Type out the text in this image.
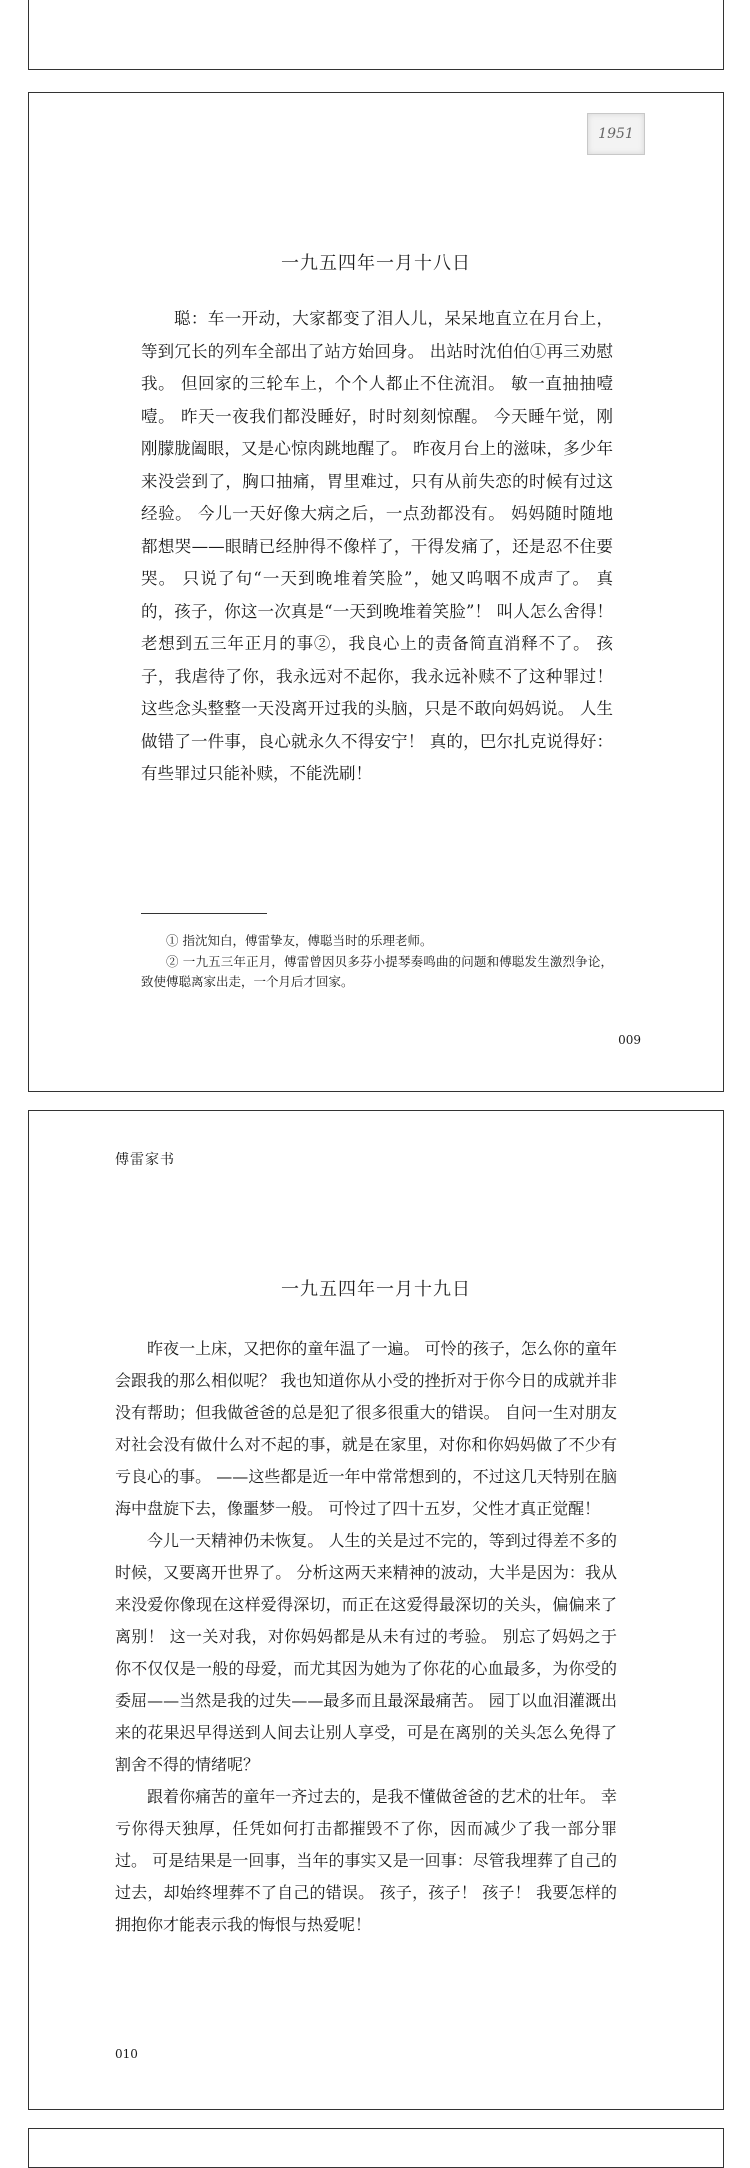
1951
一九五四年一月十八日

聪：车一开动，大家都变了泪人儿，呆呆地直立在月台上，等到冗长的列车全部出了站方始回身。 出站时沈伯伯①再三劝慰我。 但回家的三轮车上，个个人都止不住流泪。 敏一直抽抽噎噎。 昨天一夜我们都没睡好，时时刻刻惊醒。 今天睡午觉，刚刚朦胧阖眼，又是心惊肉跳地醒了。 昨夜月台上的滋味，多少年来没尝到了，胸口抽痛，胃里难过，只有从前失恋的时候有过这经验。 今儿一天好像大病之后，一点劲都没有。 妈妈随时随地都想哭——眼睛已经肿得不像样了，干得发痛了，还是忍不住要哭。 只说了句“一天到晚堆着笑脸”，她又呜咽不成声了。 真的，孩子，你这一次真是“一天到晚堆着笑脸”！ 叫人怎么舍得！ 老想到五三年正月的事②，我良心上的责备简直消释不了。 孩子，我虐待了你，我永远对不起你，我永远补赎不了这种罪过！ 这些念头整整一天没离开过我的头脑，只是不敢向妈妈说。 人生做错了一件事，良心就永久不得安宁！ 真的，巴尔扎克说得好：有些罪过只能补赎，不能洗刷！

① 指沈知白，傅雷挚友，傅聪当时的乐理老师。

② 一九五三年正月，傅雷曾因贝多芬小提琴奏鸣曲的问题和傅聪发生激烈争论，致使傅聪离家出走，一个月后才回家。

009
傅雷家书
一九五四年一月十九日

昨夜一上床，又把你的童年温了一遍。 可怜的孩子，怎么你的童年会跟我的那么相似呢？ 我也知道你从小受的挫折对于你今日的成就并非没有帮助；但我做爸爸的总是犯了很多很重大的错误。 自问一生对朋友对社会没有做什么对不起的事，就是在家里，对你和你妈妈做了不少有亏良心的事。 ——这些都是近一年中常常想到的，不过这几天特别在脑海中盘旋下去，像噩梦一般。 可怜过了四十五岁，父性才真正觉醒！

今儿一天精神仍未恢复。 人生的关是过不完的，等到过得差不多的时候，又要离开世界了。 分析这两天来精神的波动，大半是因为：我从来没爱你像现在这样爱得深切，而正在这爱得最深切的关头，偏偏来了离别！ 这一关对我，对你妈妈都是从未有过的考验。 别忘了妈妈之于你不仅仅是一般的母爱，而尤其因为她为了你花的心血最多，为你受的委屈——当然是我的过失——最多而且最深最痛苦。 园丁以血泪灌溉出来的花果迟早得送到人间去让别人享受，可是在离别的关头怎么免得了割舍不得的情绪呢？

跟着你痛苦的童年一齐过去的，是我不懂做爸爸的艺术的壮年。 幸亏你得天独厚，任凭如何打击都摧毁不了你，因而减少了我一部分罪过。 可是结果是一回事，当年的事实又是一回事：尽管我埋葬了自己的过去，却始终埋葬不了自己的错误。 孩子，孩子！ 孩子！ 我要怎样的拥抱你才能表示我的悔恨与热爱呢！

010
